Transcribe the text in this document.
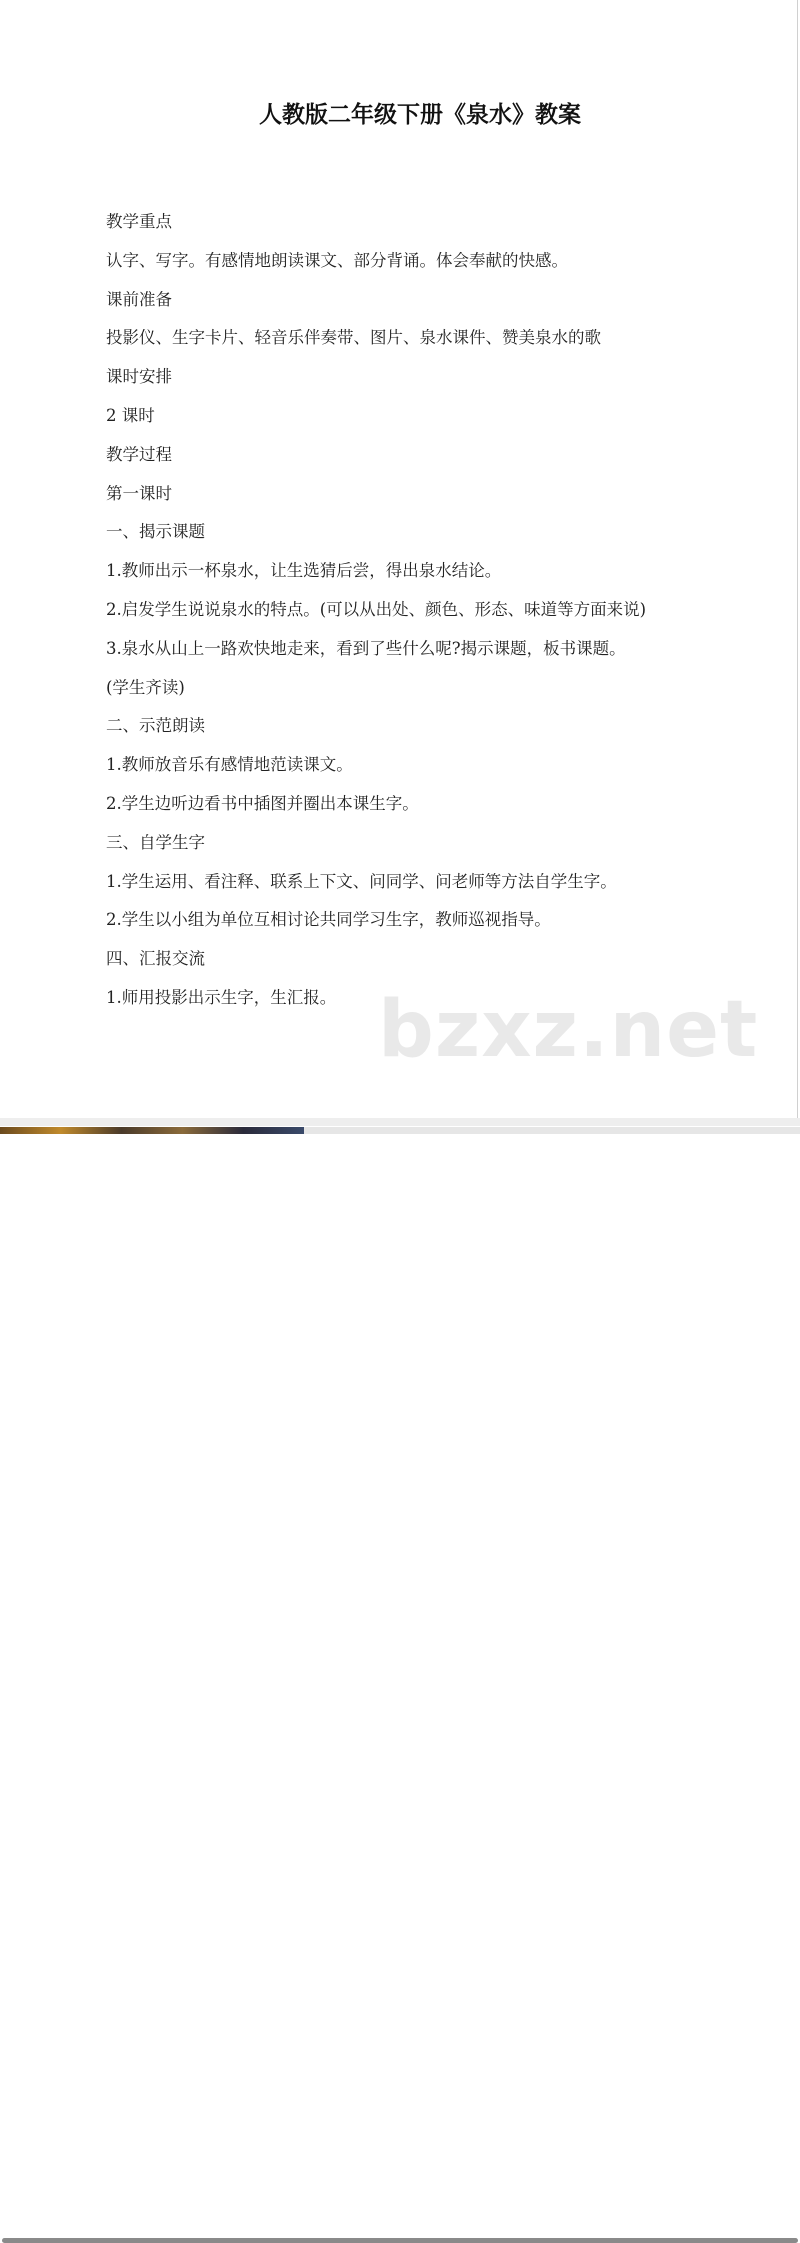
人教版二年级下册《泉水》教案
教学重点
认字、写字。有感情地朗读课文、部分背诵。体会奉献的快感。
课前准备
投影仪、生字卡片、轻音乐伴奏带、图片、泉水课件、赞美泉水的歌
课时安排
2 课时
教学过程
第一课时
一、揭示课题
1.教师出示一杯泉水，让生选猜后尝，得出泉水结论。
2.启发学生说说泉水的特点。(可以从出处、颜色、形态、味道等方面来说)
3.泉水从山上一路欢快地走来，看到了些什么呢?揭示课题，板书课题。
(学生齐读)
二、示范朗读
1.教师放音乐有感情地范读课文。
2.学生边听边看书中插图并圈出本课生字。
三、自学生字
1.学生运用、看注释、联系上下文、问同学、问老师等方法自学生字。
2.学生以小组为单位互相讨论共同学习生字，教师巡视指导。
四、汇报交流
1.师用投影出示生字，生汇报。 bzxz.net
